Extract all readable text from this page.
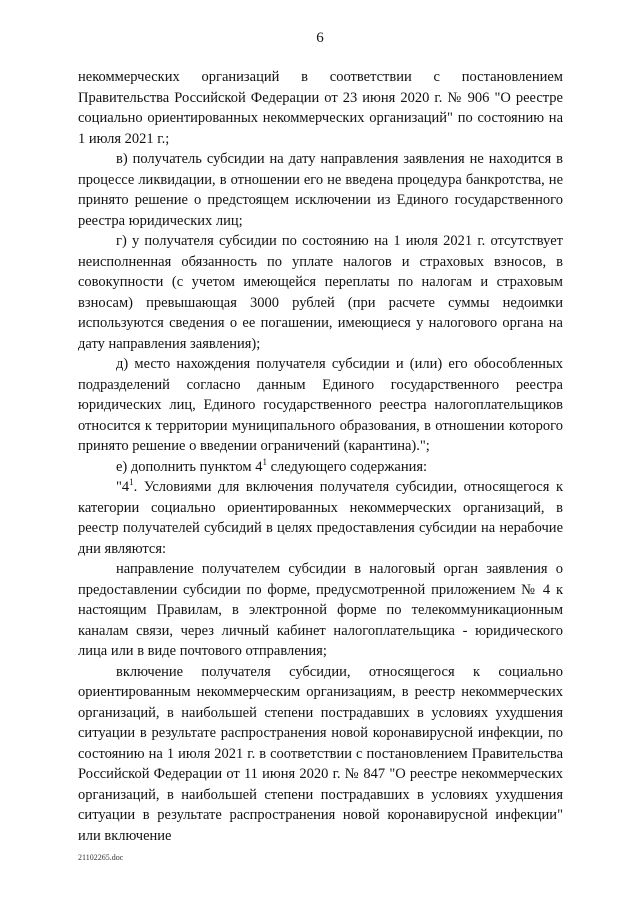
6

некоммерческих организаций в соответствии с постановлением Правительства Российской Федерации от 23 июня 2020 г. № 906 "О реестре социально ориентированных некоммерческих организаций" по состоянию на 1 июля 2021 г.;

в) получатель субсидии на дату направления заявления не находится в процессе ликвидации, в отношении его не введена процедура банкротства, не принято решение о предстоящем исключении из Единого государственного реестра юридических лиц;

г) у получателя субсидии по состоянию на 1 июля 2021 г. отсутствует неисполненная обязанность по уплате налогов и страховых взносов, в совокупности (с учетом имеющейся переплаты по налогам и страховым взносам) превышающая 3000 рублей (при расчете суммы недоимки используются сведения о ее погашении, имеющиеся у налогового органа на дату направления заявления);

д) место нахождения получателя субсидии и (или) его обособленных подразделений согласно данным Единого государственного реестра юридических лиц, Единого государственного реестра налогоплательщиков относится к территории муниципального образования, в отношении которого принято решение о введении ограничений (карантина).";

е) дополнить пунктом $4^1$ следующего содержания:

"$4^1$. Условиями для включения получателя субсидии, относящегося к категории социально ориентированных некоммерческих организаций, в реестр получателей субсидий в целях предоставления субсидии на нерабочие дни являются:

направление получателем субсидии в налоговый орган заявления о предоставлении субсидии по форме, предусмотренной приложением № 4 к настоящим Правилам, в электронной форме по телекоммуникационным каналам связи, через личный кабинет налогоплательщика - юридического лица или в виде почтового отправления;

включение получателя субсидии, относящегося к социально ориентированным некоммерческим организациям, в реестр некоммерческих организаций, в наибольшей степени пострадавших в условиях ухудшения ситуации в результате распространения новой коронавирусной инфекции, по состоянию на 1 июля 2021 г. в соответствии с постановлением Правительства Российской Федерации от 11 июня 2020 г. № 847 "О реестре некоммерческих организаций, в наибольшей степени пострадавших в условиях ухудшения ситуации в результате распространения новой коронавирусной инфекции" или включение

21102265.doc
